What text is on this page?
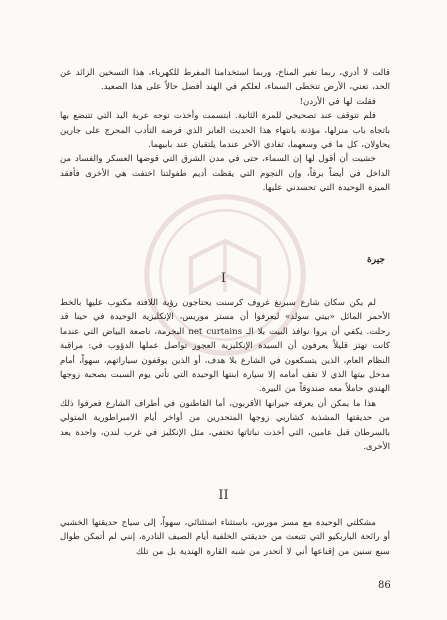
قالت لا أدري، ربما تغير المناخ، وربما استخدامنا المفرط للكهرباء، هذا التسخين الزائد عن الحد، تعني، الأرض تتخطى السماء، لعلكم في الهند أفضل حالاً على هذا الصعيد.

فقلت لها في الأردن!

فلم تتوقف عند تصحيحي للمرة الثانية. ابتسمت وأخذت توجه عربة اليد التي تتبضع بها باتجاه باب منزلها، مؤذنة بانتهاء هذا الحديث العابر الذي فرضه التأدب المحرج على جارين يحاولان، كل ما في وسعهما، تفادي الآخر عندما يلتقيان عند بابيهما.

خشيت أن أقول لها إن السماء، حتى في مدن الشرق التي قوضها العسكر والفساد من الداخل في أيضاً برقاً، وإن النجوم التي يقظت أديم طفولتنا اختفت هي الأخرى فأفقد الميزة الوحيدة التي تحسدني عليها.

جيرة
I

لم يكن سكان شارع سبرنغ غروف كرسنت يحتاجون رؤية اللافتة مكتوب عليها بالخط الأحمر المائل «بيتي سولد» ليعرفوا أن مستر موريس، الإنكليزية الوحيدة في حينا قد رحلت. يكفي أن يروا نوافذ البيت بلا الـ net curtains البخرمة، ناصعة البياض التي عندما كانت تهتز قليلاً يعرفون أن السيدة الإنكليزية العجوز تواصل عملها الدؤوب في: مراقبة النظام العام، الذين يتسكعون في الشارع بلا هدف، أو الذين يوقفون سياراتهم، سهواً، أمام مدخل بيتها الذي لا تقف أمامه إلا سيارة ابنتها الوحيدة التي تأتي يوم السبت بصحبة زوجها الهندي حاملاً معه صندوقاً من البيرة.

هذا ما يمكن أن يعرفه جيرانها الأقربون، أما القاطنون في أطراف الشارع فعرفوا ذلك من حديقتها المشذبة كشاربي زوجها المتحدرين من أواخر أيام الامبراطورية المتولي بالسرطان قبل عامين، التي أخذت نباتاتها تختفي، مثل الإنكليز في غرب لندن، واحدة بعد الأخرى.

II

مشكلتي الوحيدة مع مسز مورس، باستثناء استئنائي، سهواً، إلى سياج حديقتها الخشبي أو رائحة الباربكيو التي تتبعث من حديقتي الخلفية أيام الصيف النادرة، إنني لم أتمكن طوال سبع سنين من إقناعها أني لا أتحدر من شبه القارة الهندية بل من تلك

86
